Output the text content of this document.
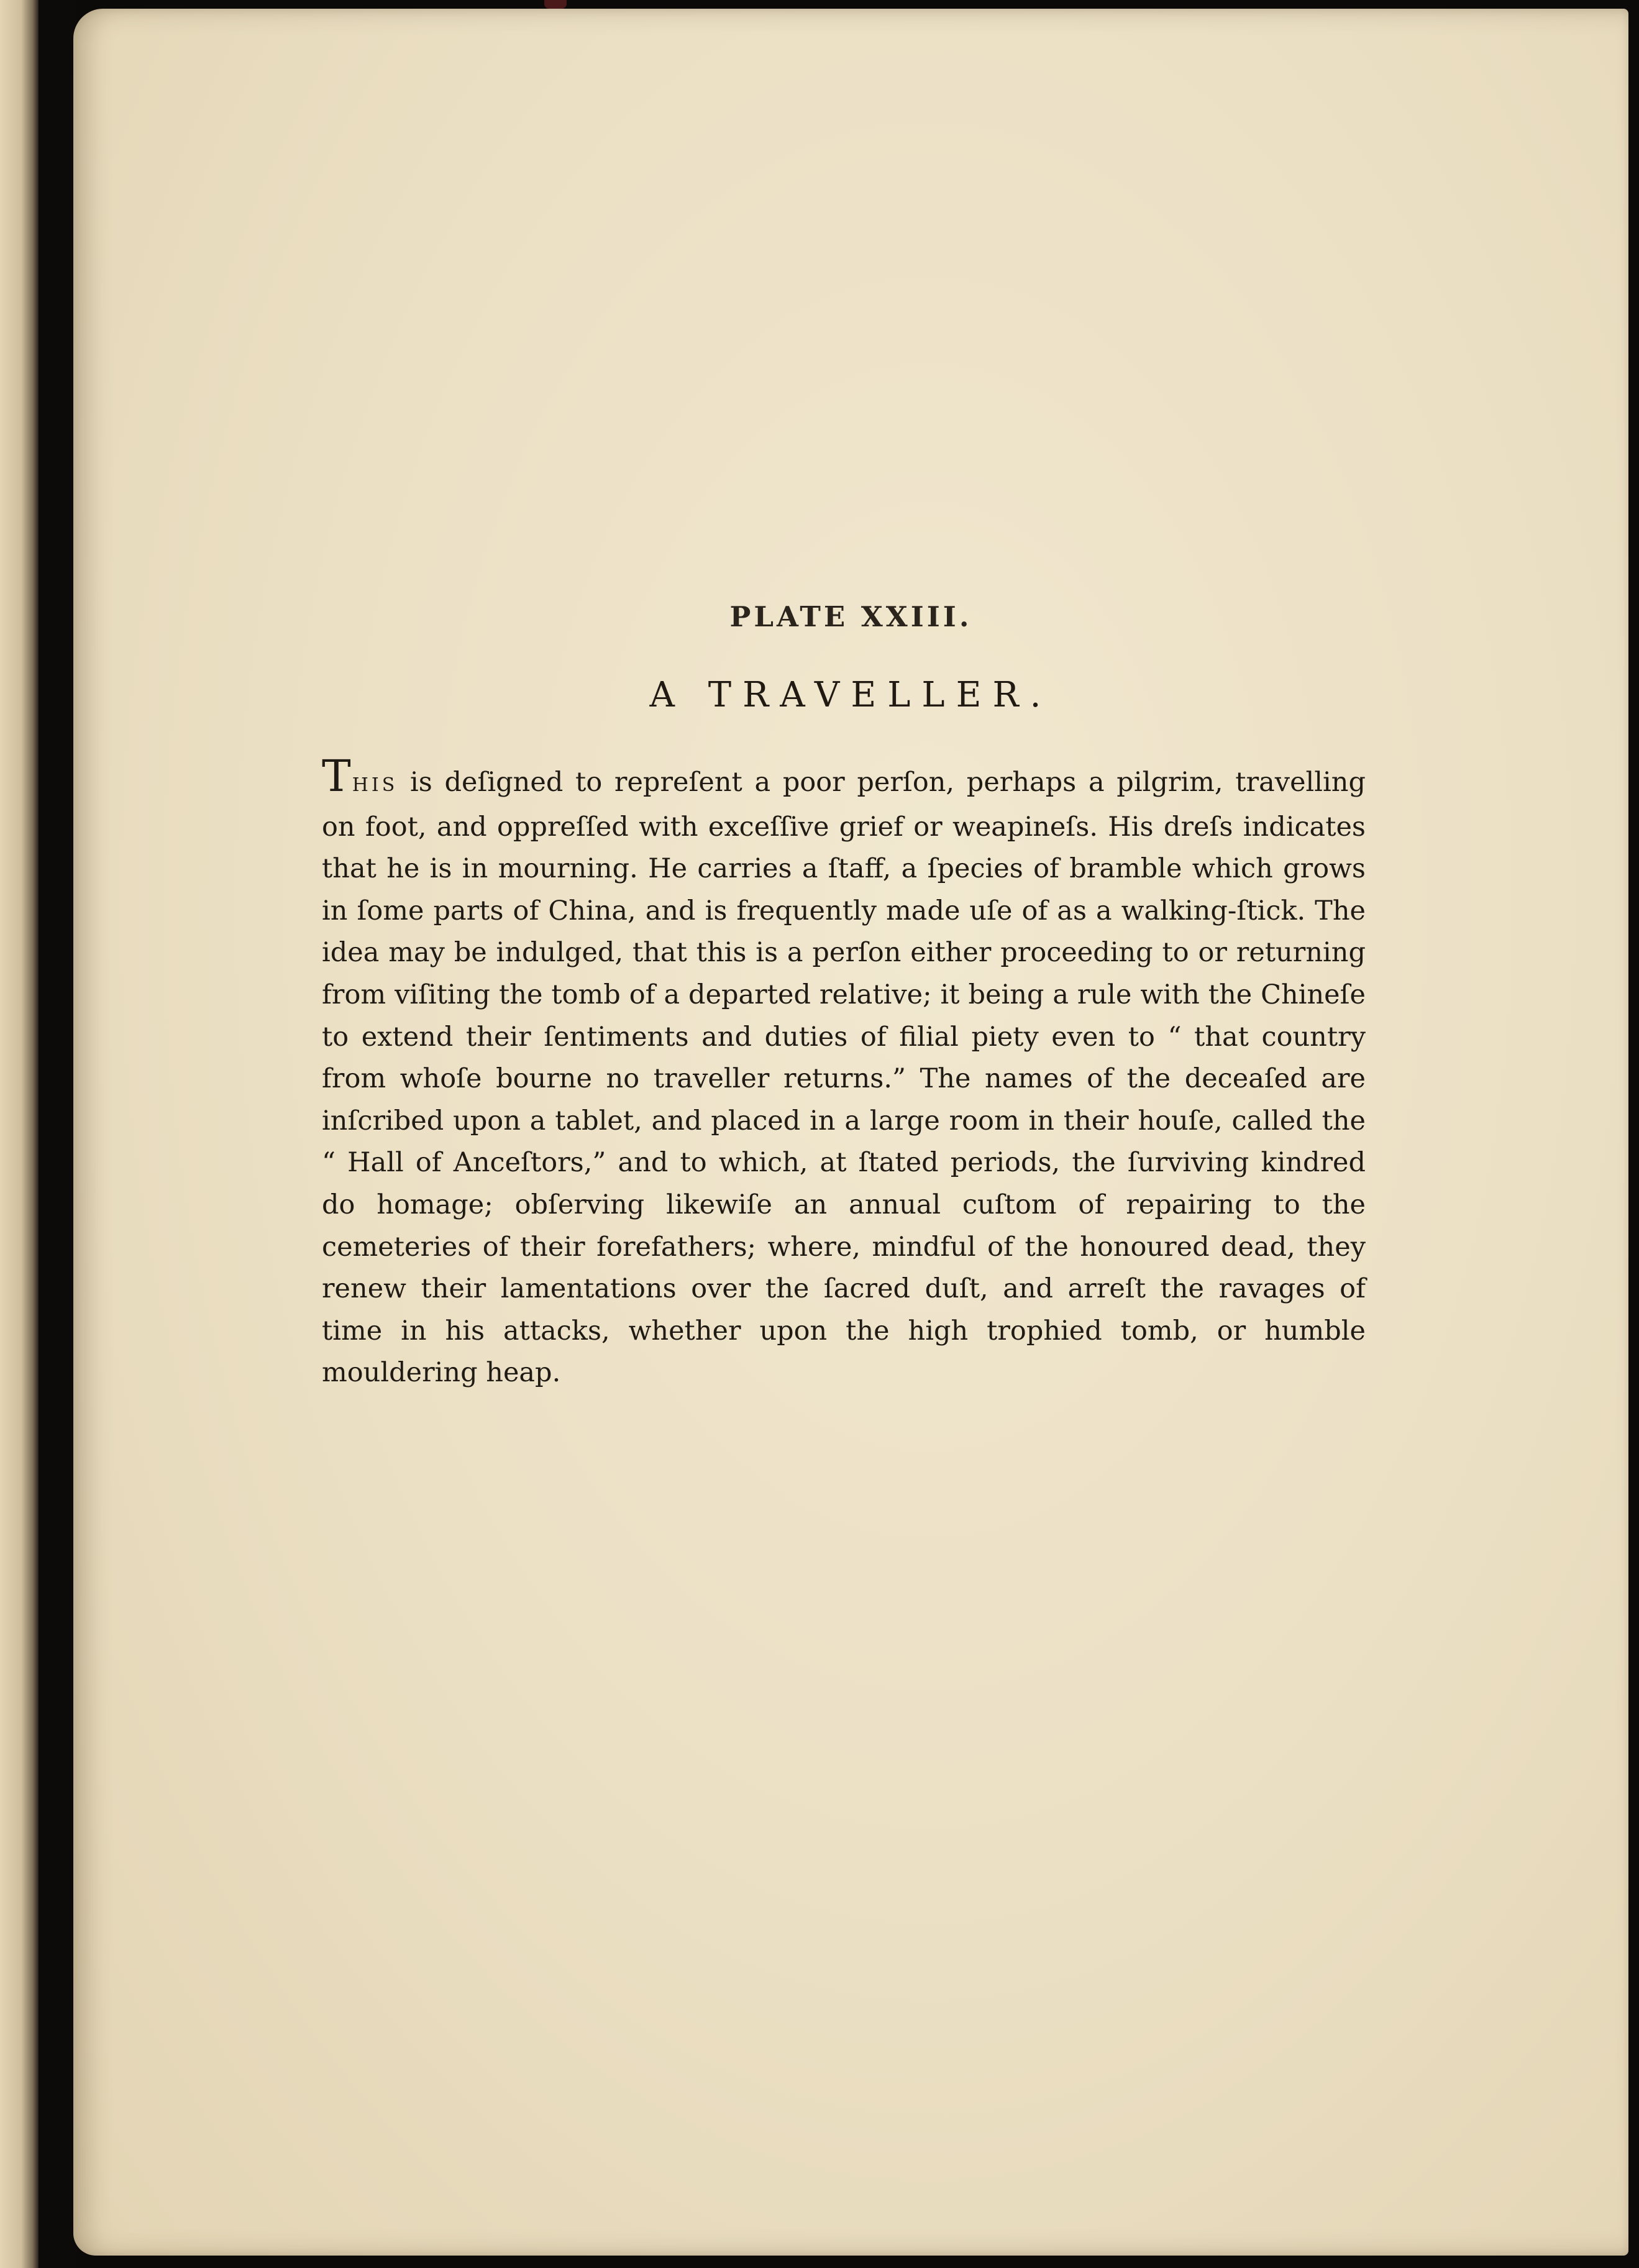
PLATE XXIII.
A TRAVELLER.

THIS is deſigned to repreſent a poor perſon, perhaps a pilgrim, travelling on foot, and oppreſſed with exceſſive grief or weарineſs. His dreſs indicates that he is in mourning. He carries a ſtaff, a ſpecies of bramble which grows in ſome parts of China, and is frequently made uſe of as a walking-ſtick. The idea may be indulged, that this is a perſon either proceeding to or returning from viſiting the tomb of a departed relative; it being a rule with the Chineſe to extend their ſentiments and duties of filial piety even to “ that country from whoſe bourne no traveller returns.” The names of the deceaſed are inſcribed upon a tablet, and placed in a large room in their houſe, called the “ Hall of Anceſtors,” and to which, at ſtated periods, the ſurviving kindred do homage; obſerving likewiſe an annual cuſtom of repairing to the cemeteries of their forefathers; where, mindful of the honoured dead, they renew their lamentations over the ſacred duſt, and arreſt the ravages of time in his attacks, whether upon the high trophied tomb, or humble mouldering heap.
